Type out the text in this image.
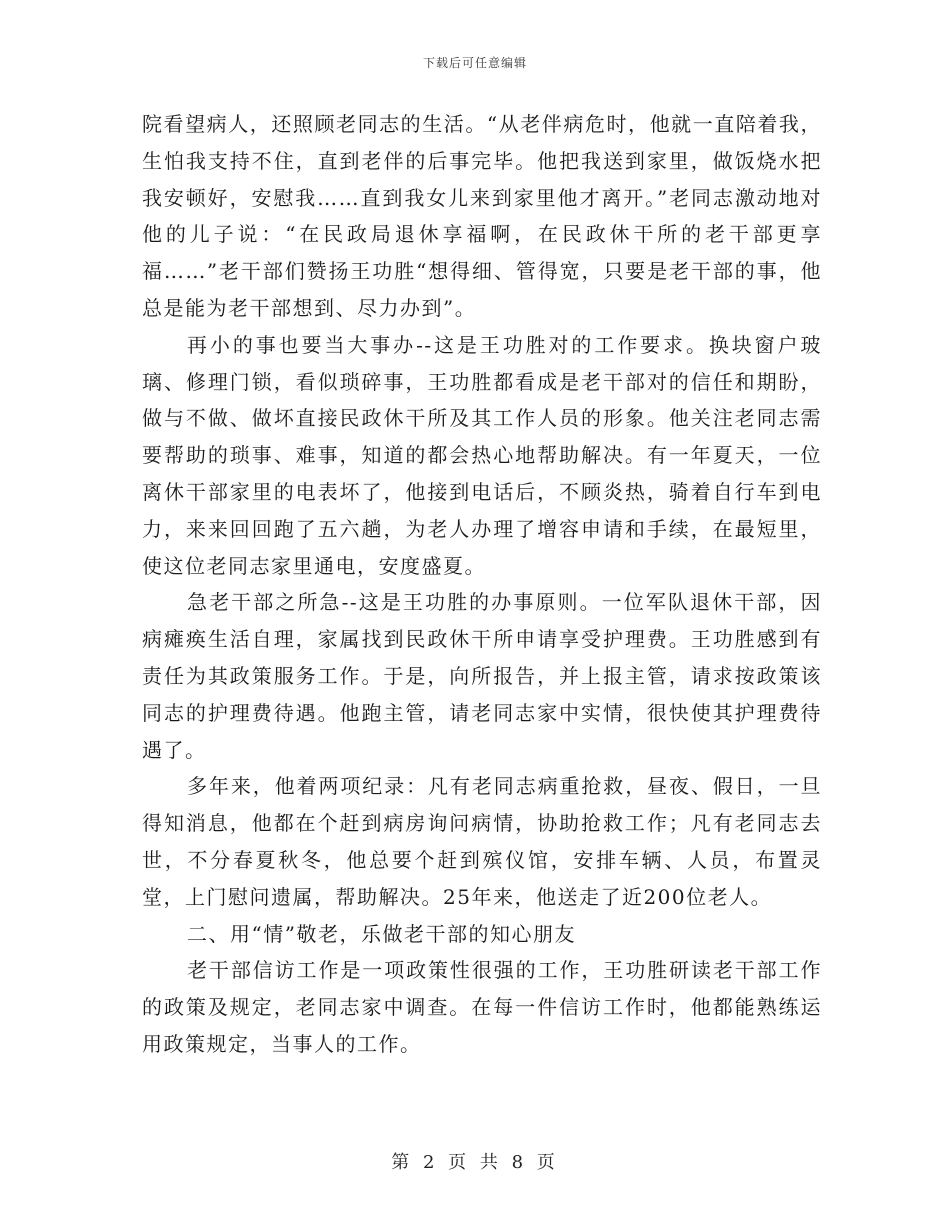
下载后可任意编辑

院看望病人，还照顾老同志的生活。“从老伴病危时，他就一直陪着我，生怕我支持不住，直到老伴的后事完毕。他把我送到家里，做饭烧水把我安顿好，安慰我……直到我女儿来到家里他才离开。”老同志激动地对他的儿子说：“在民政局退休享福啊，在民政休干所的老干部更享福……”老干部们赞扬王功胜“想得细、管得宽，只要是老干部的事，他总是能为老干部想到、尽力办到”。

再小的事也要当大事办--这是王功胜对的工作要求。换块窗户玻璃、修理门锁，看似琐碎事，王功胜都看成是老干部对的信任和期盼，做与不做、做坏直接民政休干所及其工作人员的形象。他关注老同志需要帮助的琐事、难事，知道的都会热心地帮助解决。有一年夏天，一位离休干部家里的电表坏了，他接到电话后，不顾炎热，骑着自行车到电力，来来回回跑了五六趟，为老人办理了增容申请和手续，在最短里，使这位老同志家里通电，安度盛夏。

急老干部之所急--这是王功胜的办事原则。一位军队退休干部，因病瘫痪生活自理，家属找到民政休干所申请享受护理费。王功胜感到有责任为其政策服务工作。于是，向所报告，并上报主管，请求按政策该同志的护理费待遇。他跑主管，请老同志家中实情，很快使其护理费待遇了。

多年来，他着两项纪录：凡有老同志病重抢救，昼夜、假日，一旦得知消息，他都在个赶到病房询问病情，协助抢救工作；凡有老同志去世，不分春夏秋冬，他总要个赶到殡仪馆，安排车辆、人员，布置灵堂，上门慰问遗属，帮助解决。25年来，他送走了近200位老人。

二、用“情”敬老，乐做老干部的知心朋友

老干部信访工作是一项政策性很强的工作，王功胜研读老干部工作的政策及规定，老同志家中调查。在每一件信访工作时，他都能熟练运用政策规定，当事人的工作。

第 2 页 共 8 页
